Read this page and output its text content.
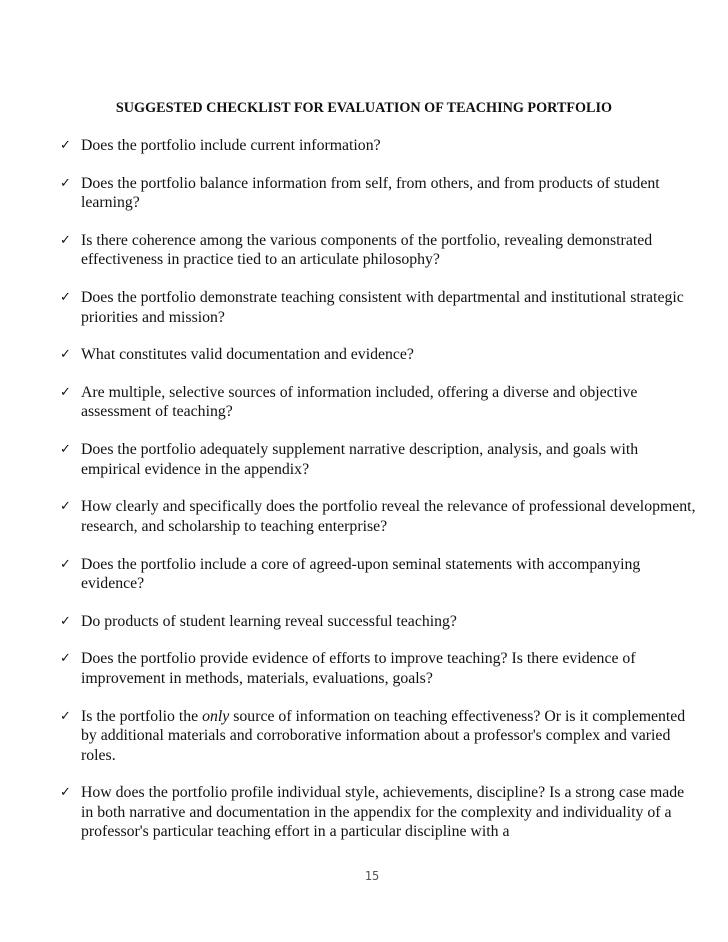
SUGGESTED CHECKLIST FOR EVALUATION OF TEACHING PORTFOLIO
✓ Does the portfolio include current information?
✓ Does the portfolio balance information from self, from others, and from products of student learning?
✓ Is there coherence among the various components of the portfolio, revealing demonstrated effectiveness in practice tied to an articulate philosophy?
✓ Does the portfolio demonstrate teaching consistent with departmental and institutional strategic priorities and mission?
✓ What constitutes valid documentation and evidence?
✓ Are multiple, selective sources of information included, offering a diverse and objective assessment of teaching?
✓ Does the portfolio adequately supplement narrative description, analysis, and goals with empirical evidence in the appendix?
✓ How clearly and specifically does the portfolio reveal the relevance of professional development, research, and scholarship to teaching enterprise?
✓ Does the portfolio include a core of agreed-upon seminal statements with accompanying evidence?
✓ Do products of student learning reveal successful teaching?
✓ Does the portfolio provide evidence of efforts to improve teaching? Is there evidence of improvement in methods, materials, evaluations, goals?
✓ Is the portfolio the only source of information on teaching effectiveness? Or is it complemented by additional materials and corroborative information about a professor's complex and varied roles.
✓ How does the portfolio profile individual style, achievements, discipline? Is a strong case made in both narrative and documentation in the appendix for the complexity and individuality of a professor's particular teaching effort in a particular discipline with a
15
